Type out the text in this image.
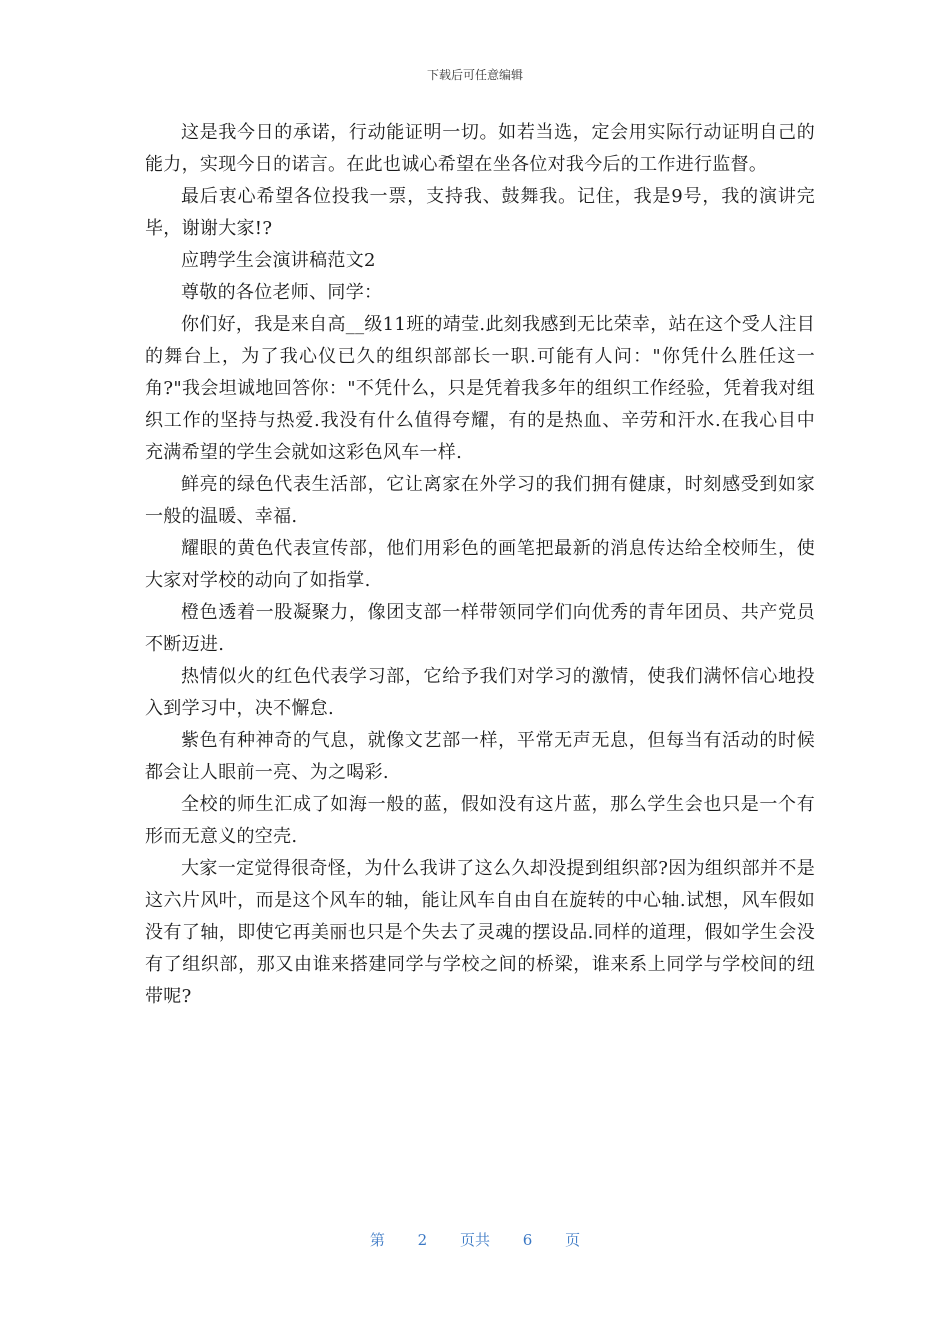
下载后可任意编辑

这是我今日的承诺，行动能证明一切。如若当选，定会用实际行动证明自己的能力，实现今日的诺言。在此也诚心希望在坐各位对我今后的工作进行监督。

最后衷心希望各位投我一票，支持我、鼓舞我。记住，我是9号，我的演讲完毕，谢谢大家!?

应聘学生会演讲稿范文2

尊敬的各位老师、同学：

你们好，我是来自高__级11班的靖莹.此刻我感到无比荣幸，站在这个受人注目的舞台上，为了我心仪已久的组织部部长一职.可能有人问："你凭什么胜任这一角?"我会坦诚地回答你："不凭什么，只是凭着我多年的组织工作经验，凭着我对组织工作的坚持与热爱.我没有什么值得夸耀，有的是热血、辛劳和汗水.在我心目中充满希望的学生会就如这彩色风车一样.

鲜亮的绿色代表生活部，它让离家在外学习的我们拥有健康，时刻感受到如家一般的温暖、幸福.

耀眼的黄色代表宣传部，他们用彩色的画笔把最新的消息传达给全校师生，使大家对学校的动向了如指掌.

橙色透着一股凝聚力，像团支部一样带领同学们向优秀的青年团员、共产党员不断迈进.

热情似火的红色代表学习部，它给予我们对学习的激情，使我们满怀信心地投入到学习中，决不懈怠.

紫色有种神奇的气息，就像文艺部一样，平常无声无息，但每当有活动的时候都会让人眼前一亮、为之喝彩.

全校的师生汇成了如海一般的蓝，假如没有这片蓝，那么学生会也只是一个有形而无意义的空壳.

大家一定觉得很奇怪，为什么我讲了这么久却没提到组织部?因为组织部并不是这六片风叶，而是这个风车的轴，能让风车自由自在旋转的中心轴.试想，风车假如没有了轴，即使它再美丽也只是个失去了灵魂的摆设品.同样的道理，假如学生会没有了组织部，那又由谁来搭建同学与学校之间的桥梁，谁来系上同学与学校间的纽带呢?

第 2 页共 6 页
